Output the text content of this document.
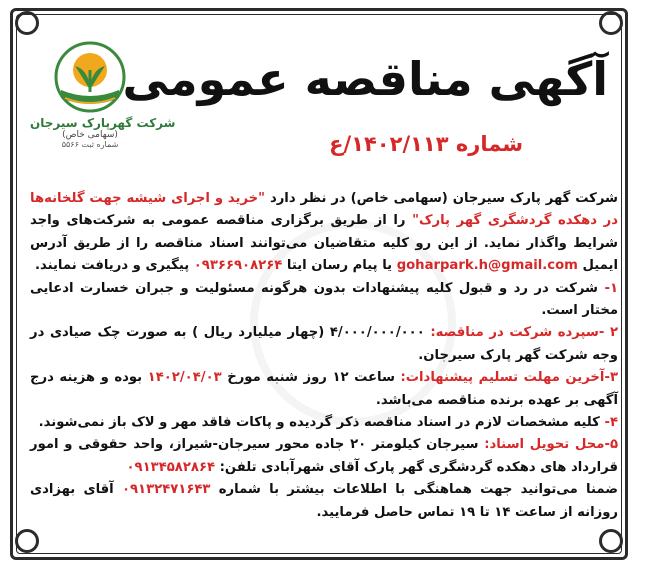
شرکت گهرپارک سیرجان
(سهامی خاص)
شماره ثبت ۵۵۶۶
آگهی مناقصه عمومی
شماره ۱۴۰۲/۱۱۳/ع

شرکت گهر پارک سیرجان (سهامی خاص) در نظر دارد "خرید و اجرای شیشه جهت گلخانه‌ها در دهکده گردشگری گهر پارک" را از طریق برگزاری مناقصه عمومی به شرکت‌های واجد شرایط واگذار نماید. از این رو کلیه متقاضیان می‌توانند اسناد مناقصه را از طریق آدرس ایمیل goharpark.h@gmail.com یا پیام رسان ایتا ۰۹۳۶۶۹۰۸۲۶۴ پیگیری و دریافت نمایند.

۱- شرکت در رد و قبول کلیه پیشنهادات بدون هرگونه مسئولیت و جبران خسارت ادعایی مختار است.

۲ -سپرده شرکت در مناقصه: ۴/۰۰۰/۰۰۰/۰۰۰ (چهار میلیارد ریال ) به صورت چک صیادی در وجه شرکت گهر پارک سیرجان.

۳-آخرین مهلت تسلیم پیشنهادات: ساعت ۱۲ روز شنبه مورخ ۱۴۰۲/۰۴/۰۳ بوده و هزینه درج آگهی بر عهده برنده مناقصه می‌باشد.

۴- کلیه مشخصات لازم در اسناد مناقصه ذکر گردیده و پاکات فاقد مهر و لاک باز نمی‌شوند.

۵-محل تحویل اسناد: سیرجان کیلومتر ۲۰ جاده محور سیرجان-شیراز، واحد حقوقی و امور قرارداد های دهکده گردشگری گهر پارک آقای شهرآبادی تلفن: ۰۹۱۳۴۵۸۲۸۶۴

ضمنا می‌توانید جهت هماهنگی با اطلاعات بیشتر با شماره ۰۹۱۳۲۴۷۱۶۴۳ آقای بهزادی روزانه از ساعت ۱۴ تا ۱۹ تماس حاصل فرمایید.
